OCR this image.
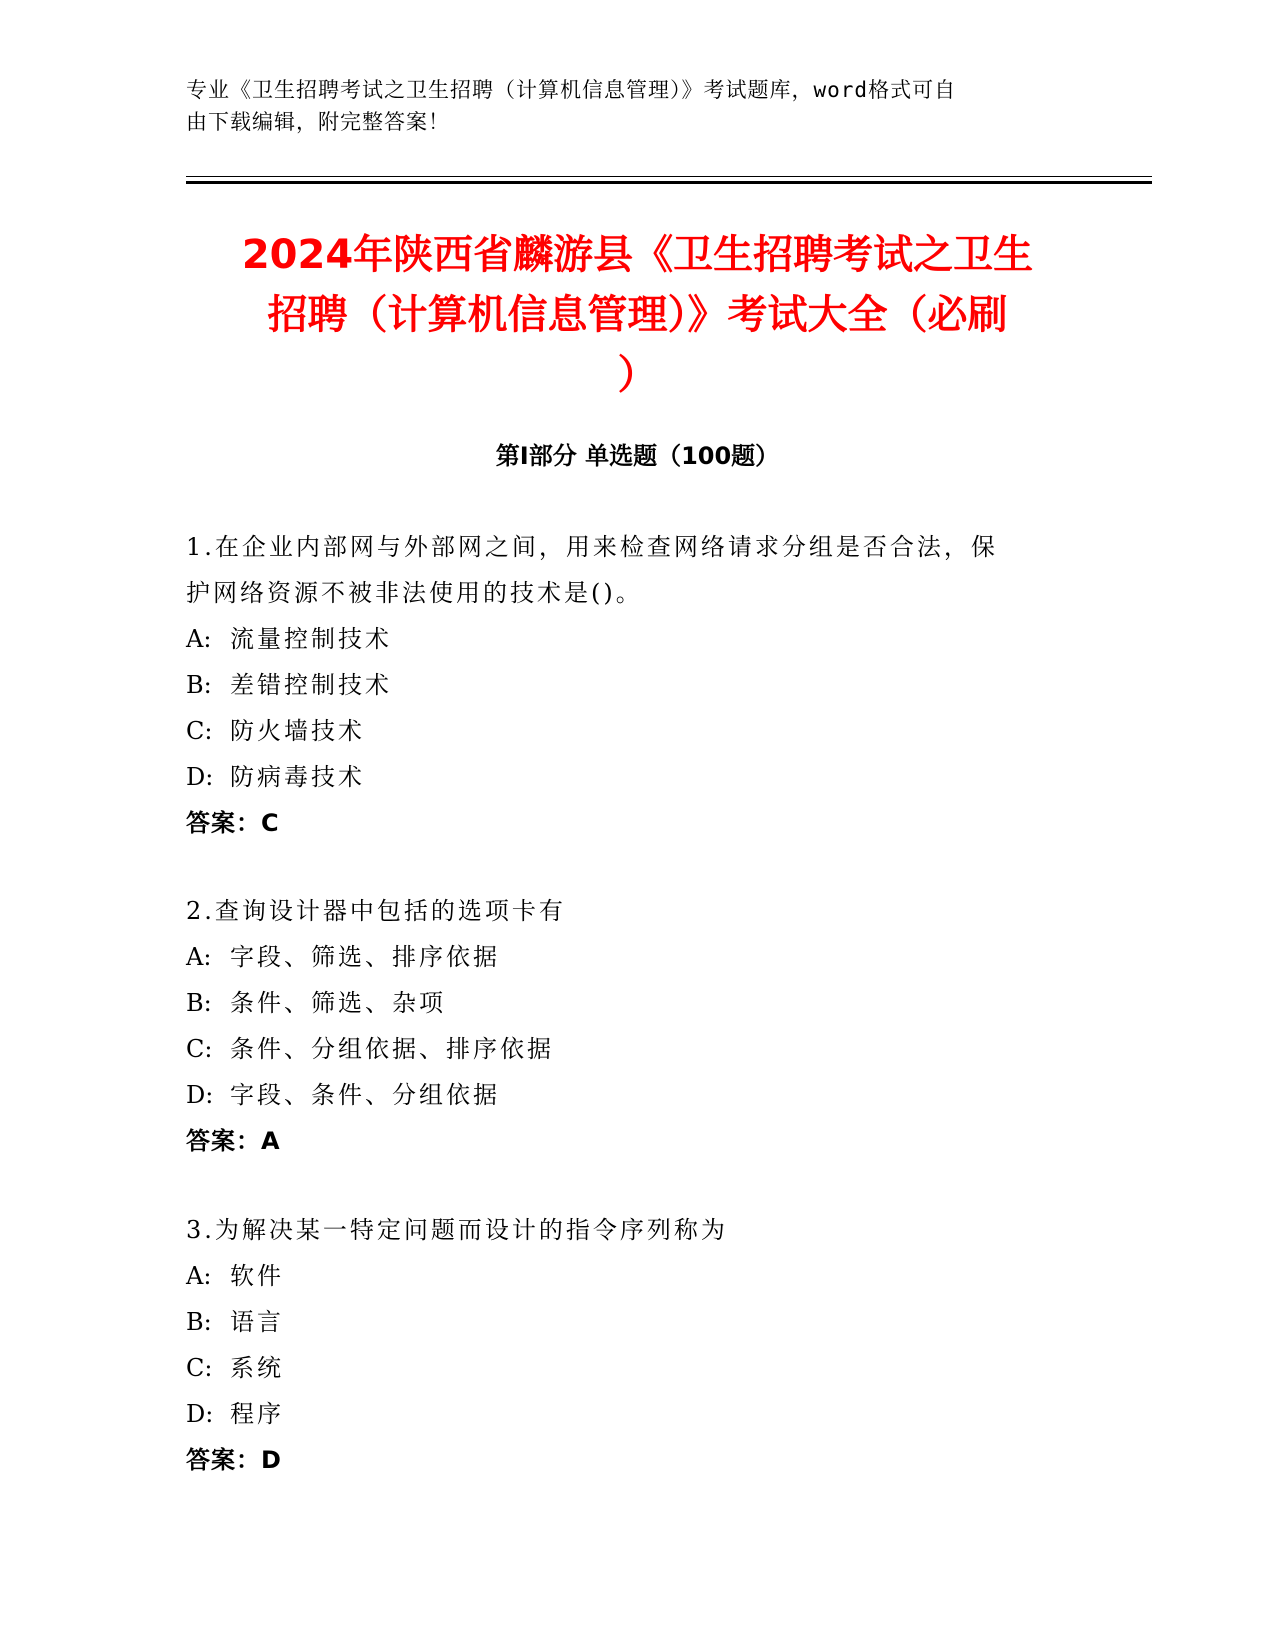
专业《卫生招聘考试之卫生招聘（计算机信息管理）》考试题库，word格式可自
由下载编辑，附完整答案！
2024年陕西省麟游县《卫生招聘考试之卫生
招聘（计算机信息管理）》考试大全（必刷
）
第Ⅰ部分 单选题（100题）
1.在企业内部网与外部网之间，用来检查网络请求分组是否合法，保
护网络资源不被非法使用的技术是()。
A: 流量控制技术
B: 差错控制技术
C: 防火墙技术
D: 防病毒技术
答案：C
2.查询设计器中包括的选项卡有
A: 字段、筛选、排序依据
B: 条件、筛选、杂项
C: 条件、分组依据、排序依据
D: 字段、条件、分组依据
答案：A
3.为解决某一特定问题而设计的指令序列称为
A: 软件
B: 语言
C: 系统
D: 程序
答案：D
